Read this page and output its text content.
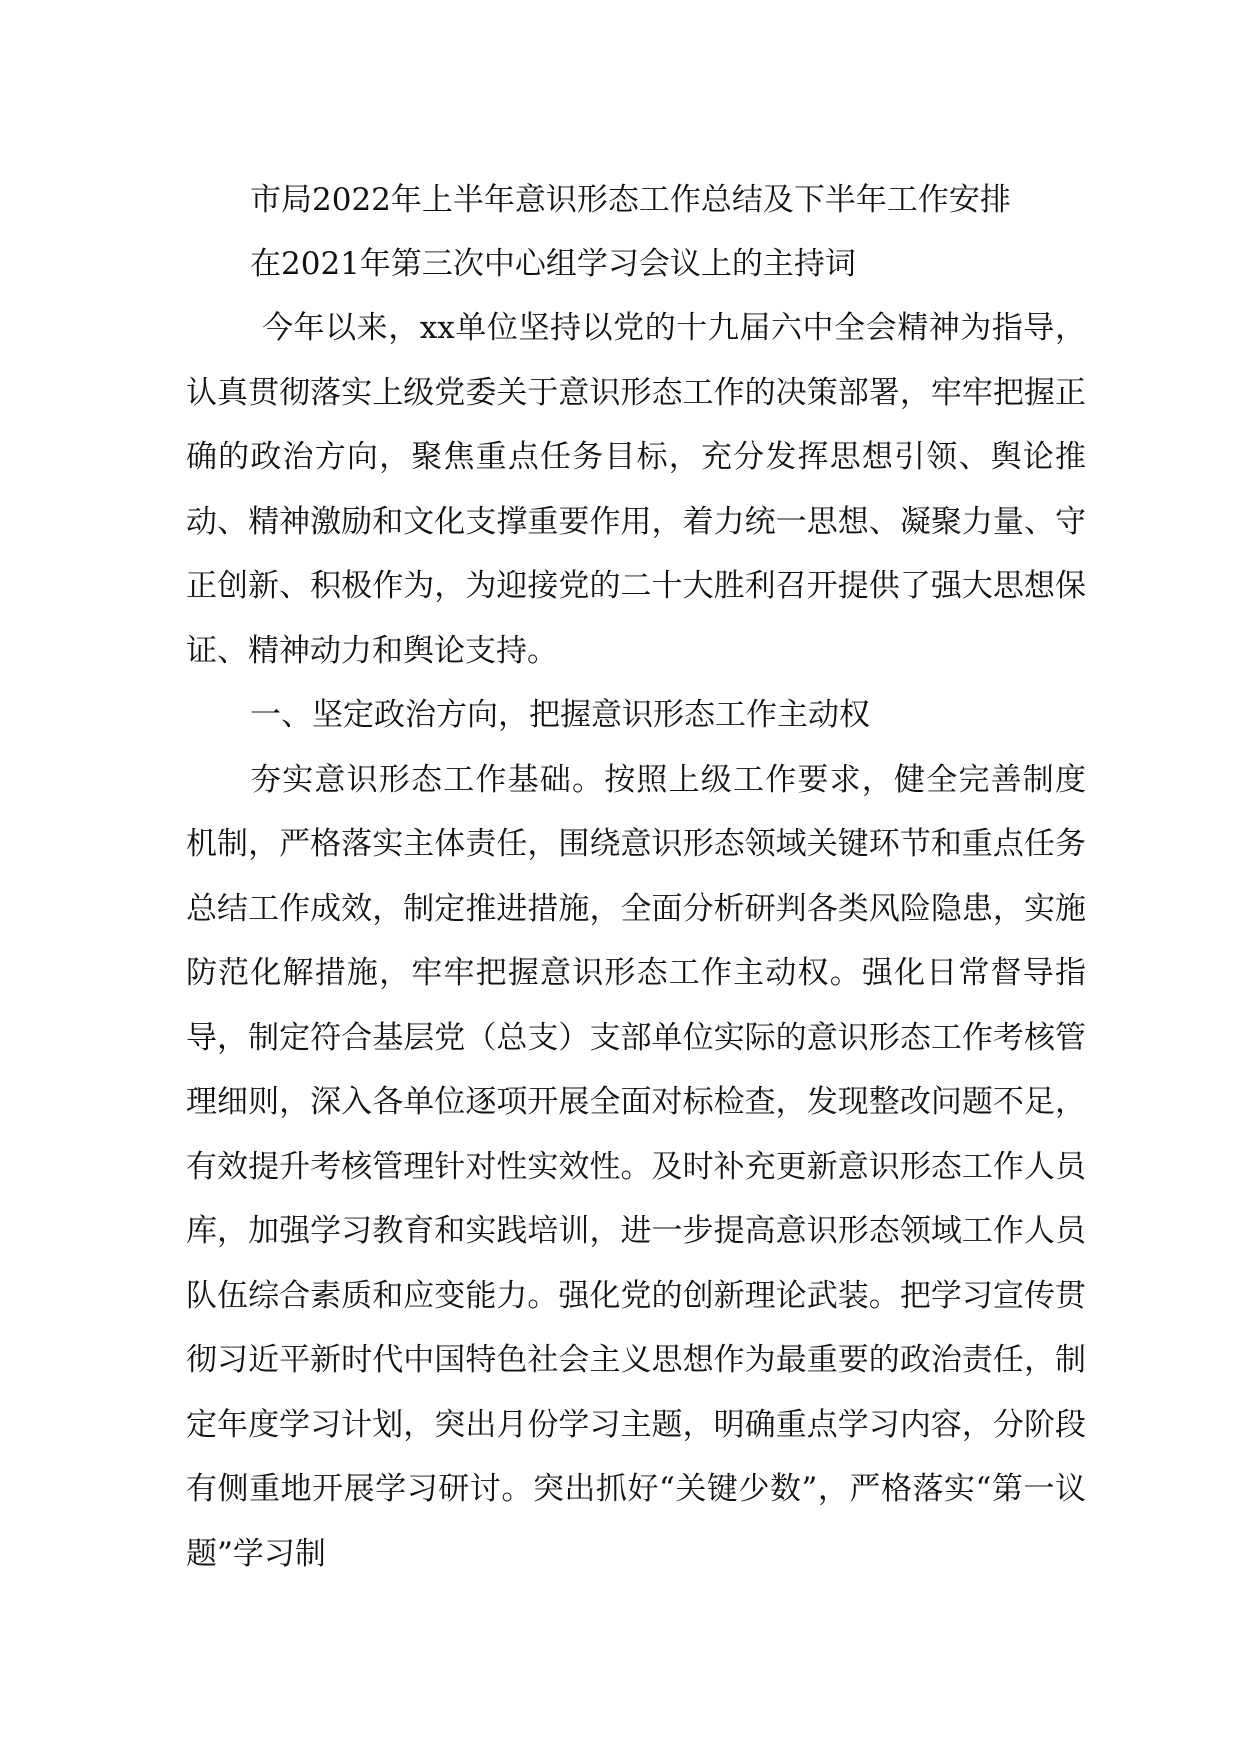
市局2022年上半年意识形态工作总结及下半年工作安排
在2021年第三次中心组学习会议上的主持词

今年以来，xx单位坚持以党的十九届六中全会精神为指导，认真贯彻落实上级党委关于意识形态工作的决策部署，牢牢把握正确的政治方向，聚焦重点任务目标，充分发挥思想引领、舆论推动、精神激励和文化支撑重要作用，着力统一思想、凝聚力量、守正创新、积极作为，为迎接党的二十大胜利召开提供了强大思想保证、精神动力和舆论支持。

一、坚定政治方向，把握意识形态工作主动权

夯实意识形态工作基础。按照上级工作要求，健全完善制度机制，严格落实主体责任，围绕意识形态领域关键环节和重点任务总结工作成效，制定推进措施，全面分析研判各类风险隐患，实施防范化解措施，牢牢把握意识形态工作主动权。强化日常督导指导，制定符合基层党（总支）支部单位实际的意识形态工作考核管理细则，深入各单位逐项开展全面对标检查，发现整改问题不足，有效提升考核管理针对性实效性。及时补充更新意识形态工作人员库，加强学习教育和实践培训，进一步提高意识形态领域工作人员队伍综合素质和应变能力。强化党的创新理论武装。把学习宣传贯彻习近平新时代中国特色社会主义思想作为最重要的政治责任，制定年度学习计划，突出月份学习主题，明确重点学习内容，分阶段有侧重地开展学习研讨。突出抓好“关键少数”，严格落实“第一议题”学习制
